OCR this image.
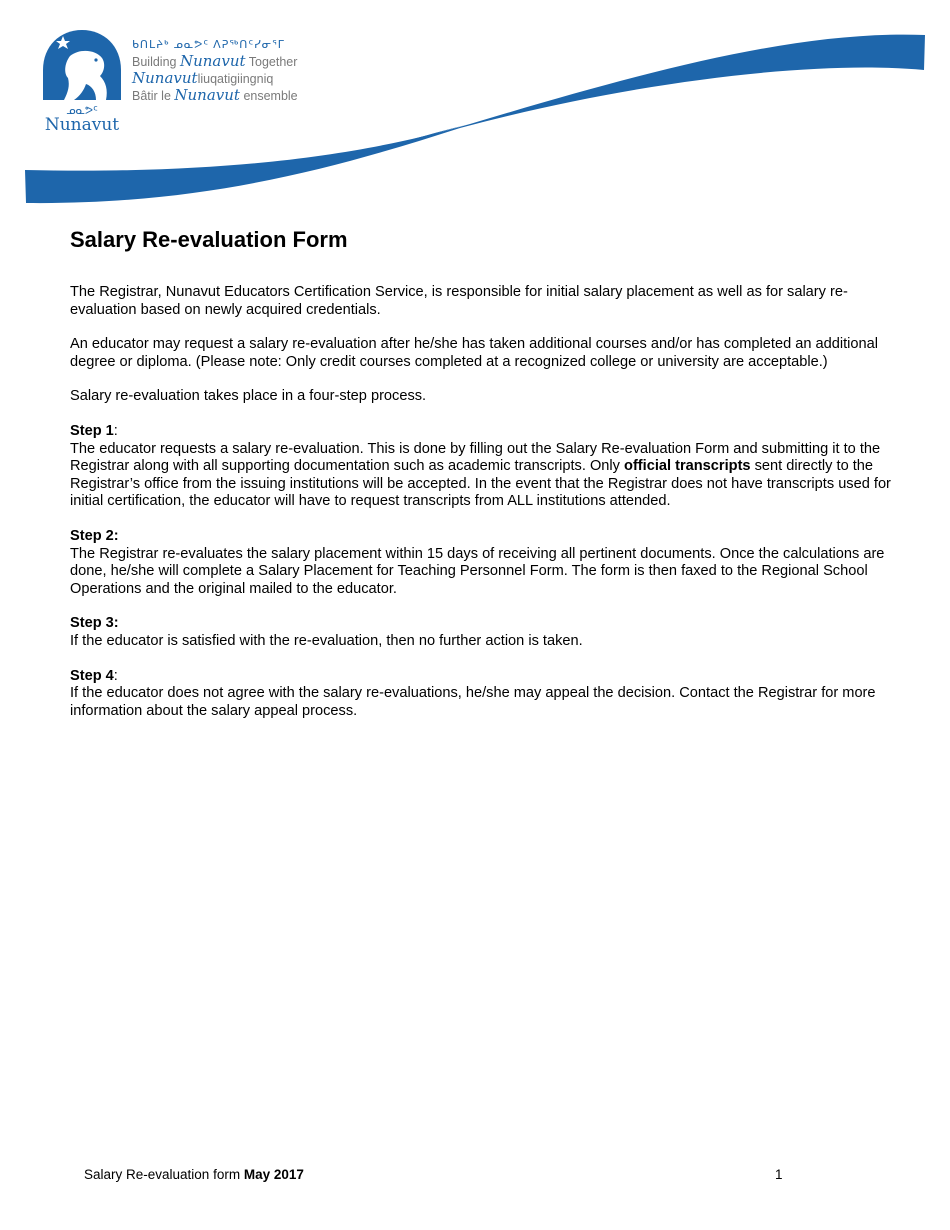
ᓄᓇᕗᑦ
Nunavut
ᑲᑎᒪᔨᒃ ᓄᓇᕗᑦ ᐱᕈᖅᑎᑦᓯᓂᕐᒥ
Building Nunavut Together
Nunavutliuqatigiingniq
Bâtir le Nunavut ensemble
Salary Re-evaluation Form

The Registrar, Nunavut Educators Certification Service, is responsible for initial salary placement as well as for salary re-evaluation based on newly acquired credentials.

An educator may request a salary re-evaluation after he/she has taken additional courses and/or has completed an additional degree or diploma. (Please note: Only credit courses completed at a recognized college or university are acceptable.)

Salary re-evaluation takes place in a four-step process.

Step 1:

The educator requests a salary re-evaluation. This is done by filling out the Salary Re-evaluation Form and submitting it to the Registrar along with all supporting documentation such as academic transcripts. Only official transcripts sent directly to the Registrar’s office from the issuing institutions will be accepted. In the event that the Registrar does not have transcripts used for initial certification, the educator will have to request transcripts from ALL institutions attended.

Step 2:

The Registrar re-evaluates the salary placement within 15 days of receiving all pertinent documents. Once the calculations are done, he/she will complete a Salary Placement for Teaching Personnel Form. The form is then faxed to the Regional School Operations and the original mailed to the educator.

Step 3:

If the educator is satisfied with the re-evaluation, then no further action is taken.

Step 4:

If the educator does not agree with the salary re-evaluations, he/she may appeal the decision. Contact the Registrar for more information about the salary appeal process.

Salary Re-evaluation form May 2017	1
